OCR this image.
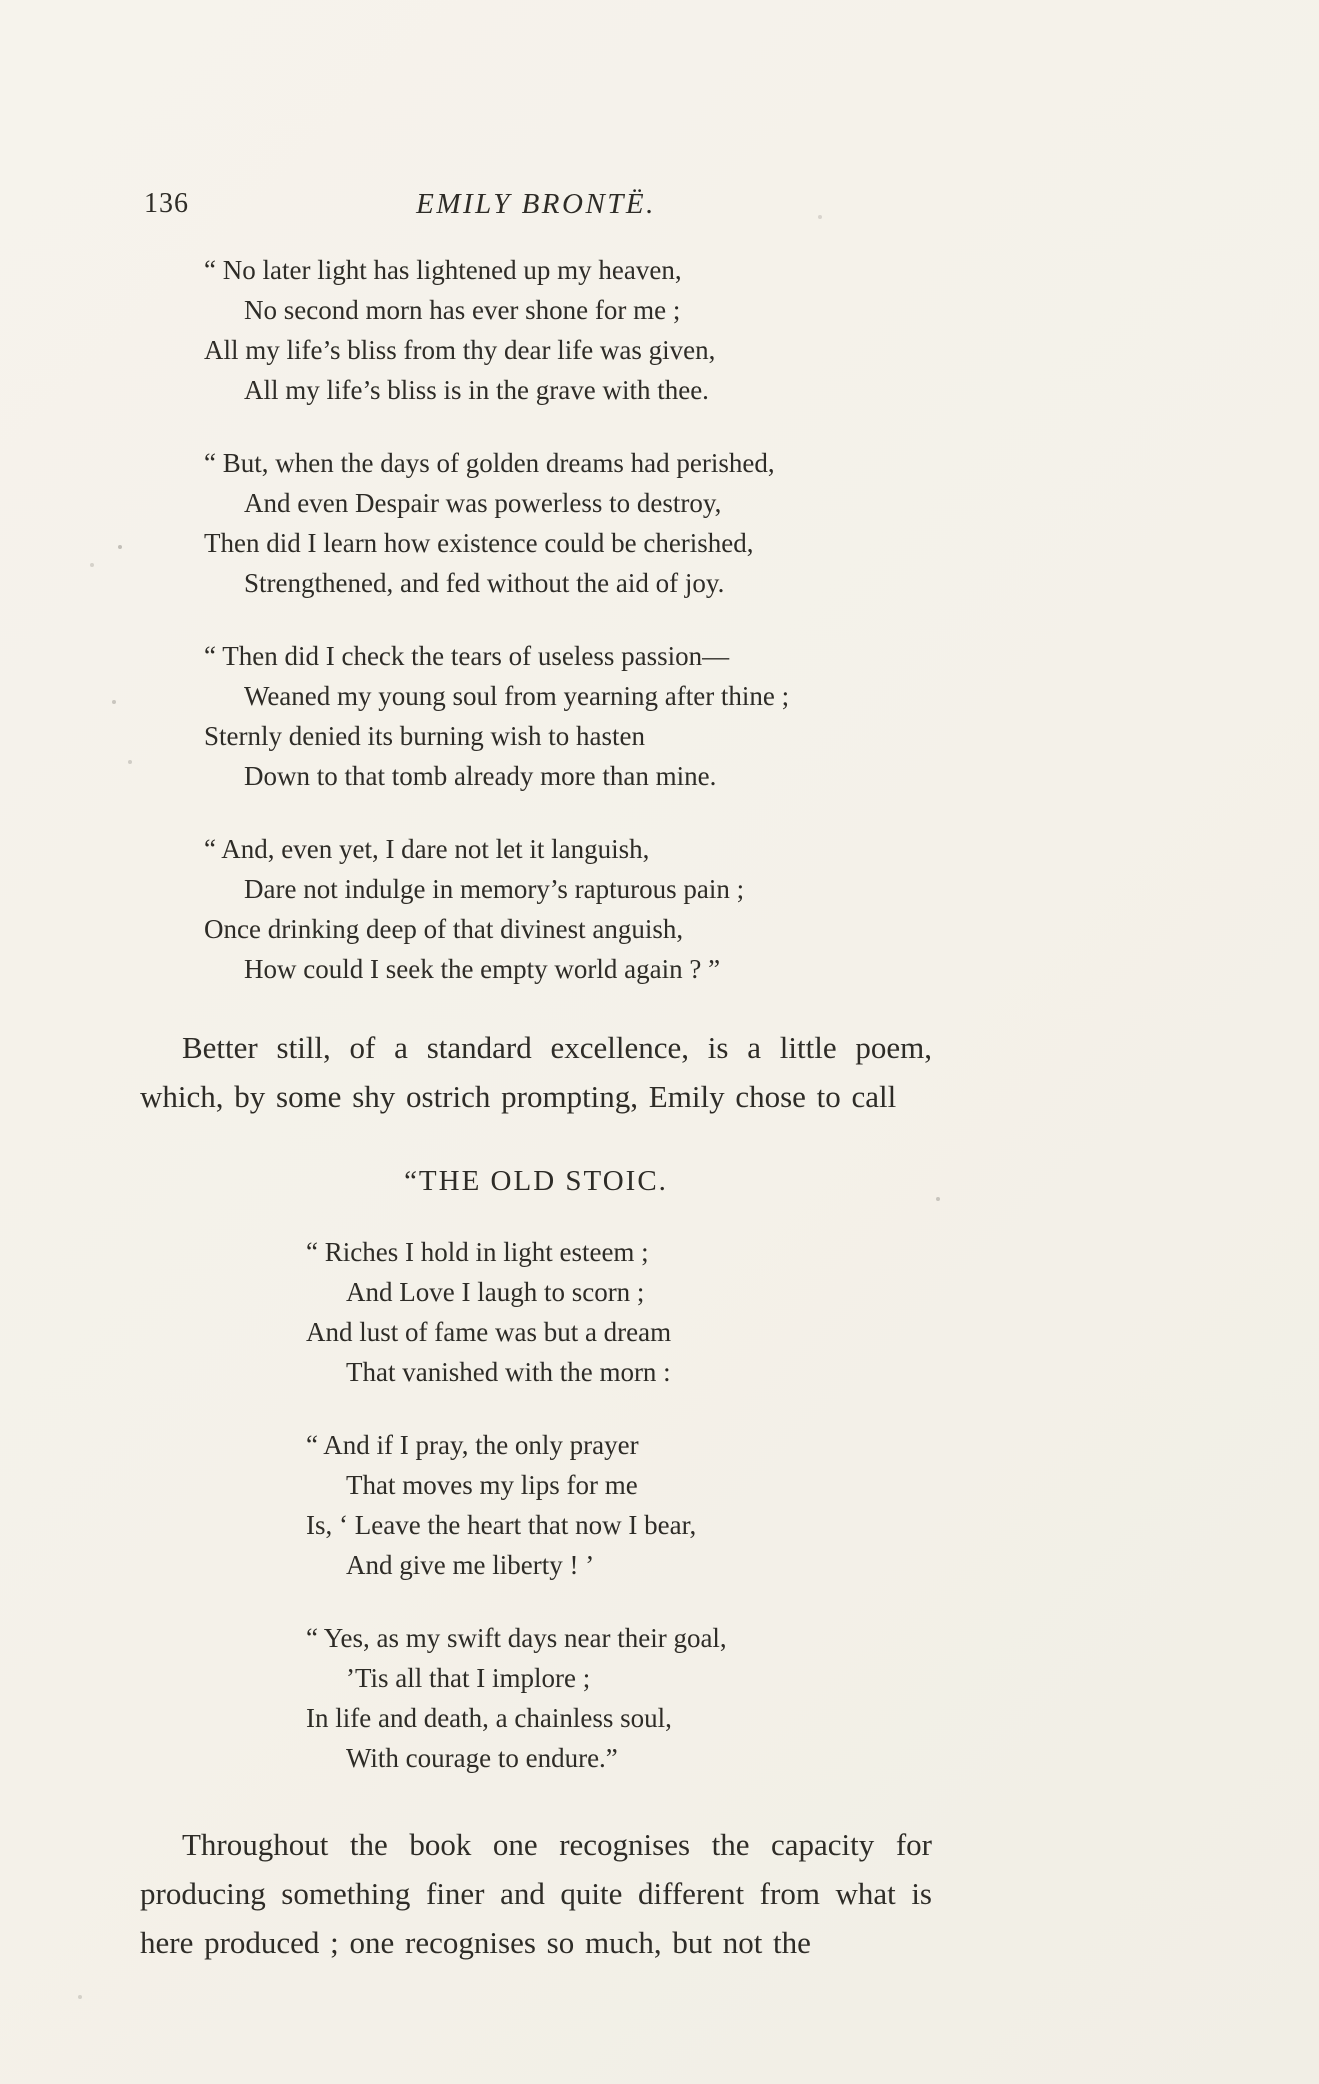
136	EMILY BRONTË.

“ No later light has lightened up my heaven,

No second morn has ever shone for me ;

All my life’s bliss from thy dear life was given,

All my life’s bliss is in the grave with thee.

“ But, when the days of golden dreams had perished,

And even Despair was powerless to destroy,

Then did I learn how existence could be cherished,

Strengthened, and fed without the aid of joy.

“ Then did I check the tears of useless passion—

Weaned my young soul from yearning after thine ;

Sternly denied its burning wish to hasten

Down to that tomb already more than mine.

“ And, even yet, I dare not let it languish,

Dare not indulge in memory’s rapturous pain ;

Once drinking deep of that divinest anguish,

How could I seek the empty world again ? ”

Better still, of a standard excellence, is a little poem, which, by some shy ostrich prompting, Emily chose to call

“THE OLD STOIC.

“ Riches I hold in light esteem ;

And Love I laugh to scorn ;

And lust of fame was but a dream

That vanished with the morn :

“ And if I pray, the only prayer

That moves my lips for me

Is, ‘ Leave the heart that now I bear,

And give me liberty ! ’

“ Yes, as my swift days near their goal,

’Tis all that I implore ;

In life and death, a chainless soul,

With courage to endure.”

Throughout the book one recognises the capacity for producing something finer and quite different from what is here produced ; one recognises so much, but not the
